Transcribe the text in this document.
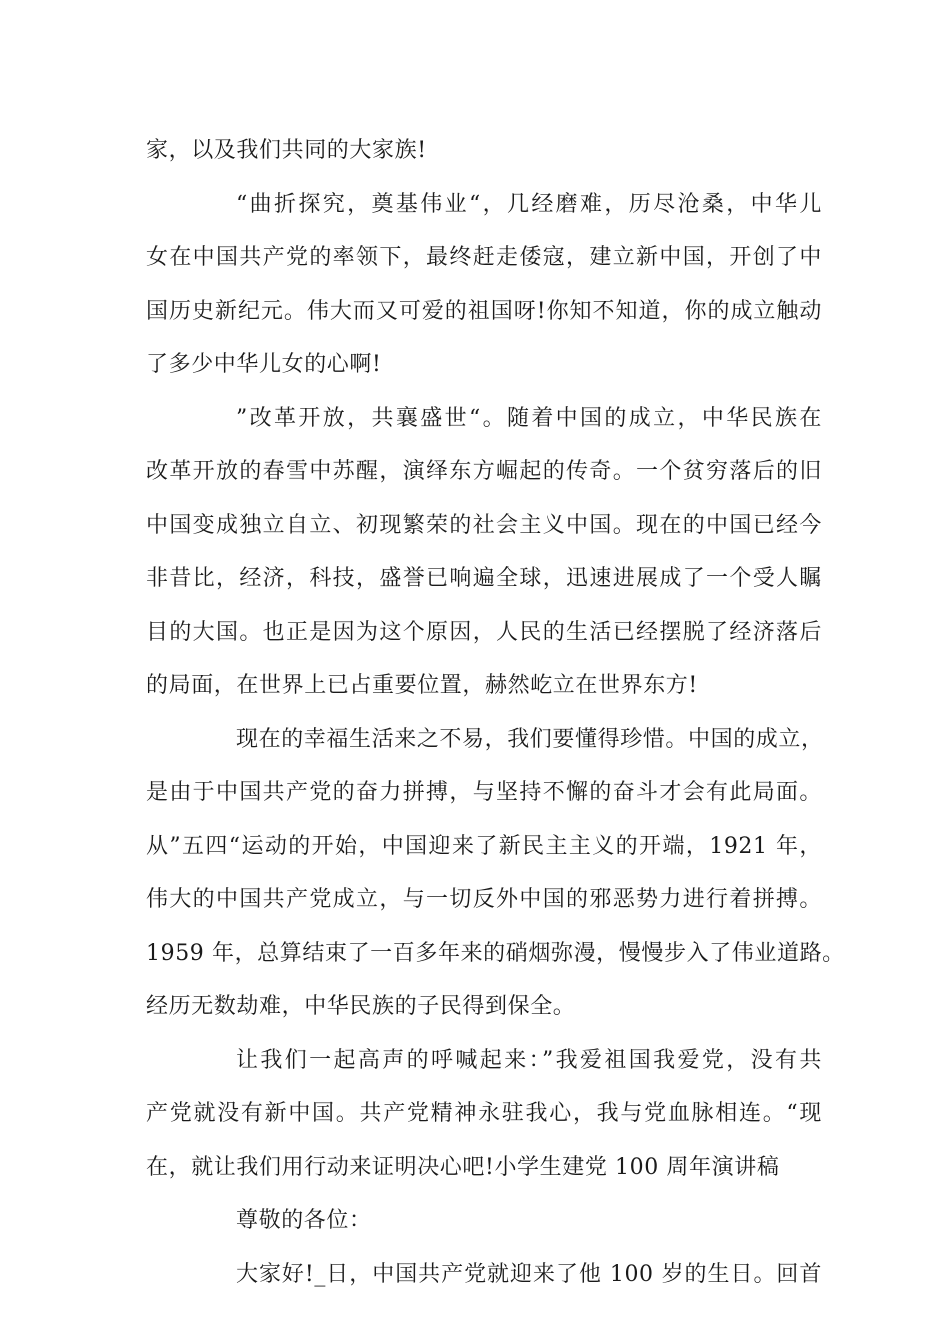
家，以及我们共同的大家族!
“曲折探究，奠基伟业“，几经磨难，历尽沧桑，中华儿
女在中国共产党的率领下，最终赶走倭寇，建立新中国，开创了中
国历史新纪元。伟大而又可爱的祖国呀!你知不知道，你的成立触动
了多少中华儿女的心啊!
”改革开放，共襄盛世“。随着中国的成立，中华民族在
改革开放的春雪中苏醒，演绎东方崛起的传奇。一个贫穷落后的旧
中国变成独立自立、初现繁荣的社会主义中国。现在的中国已经今
非昔比，经济，科技，盛誉已响遍全球，迅速进展成了一个受人瞩
目的大国。也正是因为这个原因，人民的生活已经摆脱了经济落后
的局面，在世界上已占重要位置，赫然屹立在世界东方!
现在的幸福生活来之不易，我们要懂得珍惜。中国的成立，
是由于中国共产党的奋力拼搏，与坚持不懈的奋斗才会有此局面。
从”五四“运动的开始，中国迎来了新民主主义的开端，1921 年，
伟大的中国共产党成立，与一切反外中国的邪恶势力进行着拼搏。
1959 年，总算结束了一百多年来的硝烟弥漫，慢慢步入了伟业道路。
经历无数劫难，中华民族的子民得到保全。
让我们一起高声的呼喊起来：”我爱祖国我爱党，没有共
产党就没有新中国。共产党精神永驻我心，我与党血脉相连。“现
在，就让我们用行动来证明决心吧!小学生建党 100 周年演讲稿
尊敬的各位：
大家好!_日，中国共产党就迎来了他 100 岁的生日。回首
